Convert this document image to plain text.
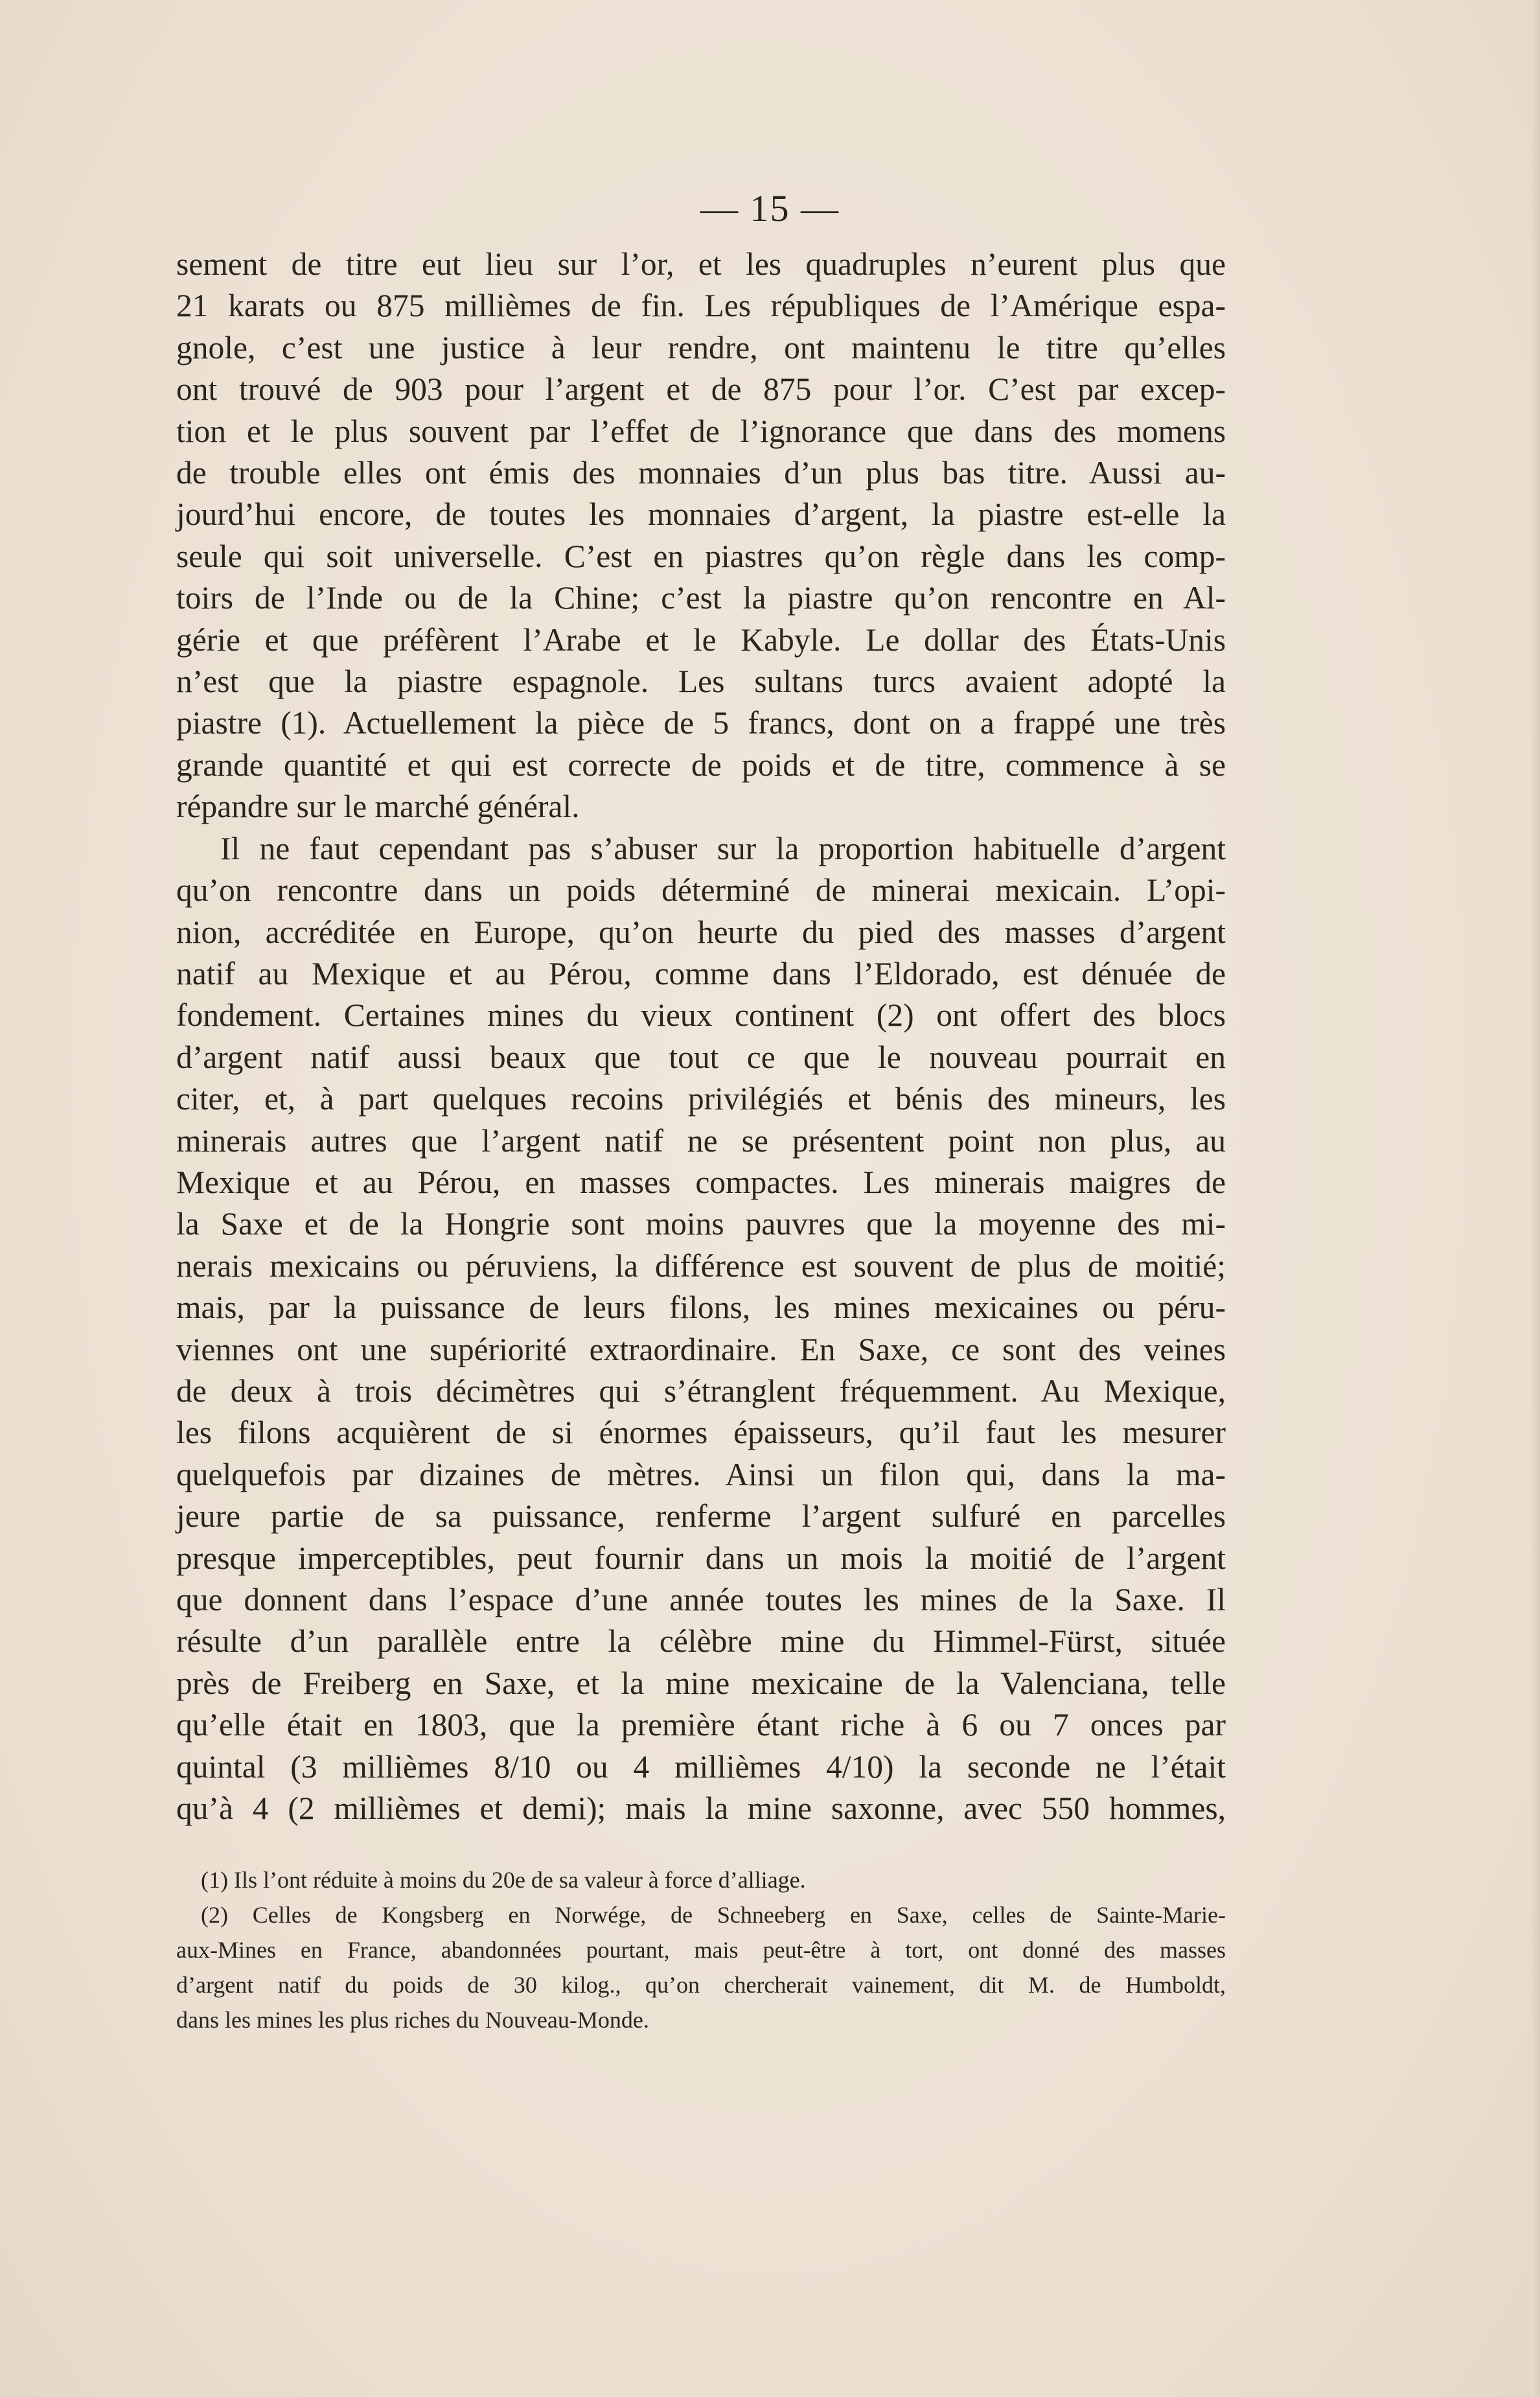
— 15 —
sement de titre eut lieu sur l’or, et les quadruples n’eurent plus que
21 karats ou 875 millièmes de fin. Les républiques de l’Amérique espa-
gnole, c’est une justice à leur rendre, ont maintenu le titre qu’elles
ont trouvé de 903 pour l’argent et de 875 pour l’or. C’est par excep-
tion et le plus souvent par l’effet de l’ignorance que dans des momens
de trouble elles ont émis des monnaies d’un plus bas titre. Aussi au-
jourd’hui encore, de toutes les monnaies d’argent, la piastre est-elle la
seule qui soit universelle. C’est en piastres qu’on règle dans les comp-
toirs de l’Inde ou de la Chine; c’est la piastre qu’on rencontre en Al-
gérie et que préfèrent l’Arabe et le Kabyle. Le dollar des États-Unis
n’est que la piastre espagnole. Les sultans turcs avaient adopté la
piastre (1). Actuellement la pièce de 5 francs, dont on a frappé une très
grande quantité et qui est correcte de poids et de titre, commence à se
répandre sur le marché général.
Il ne faut cependant pas s’abuser sur la proportion habituelle d’argent
qu’on rencontre dans un poids déterminé de minerai mexicain. L’opi-
nion, accréditée en Europe, qu’on heurte du pied des masses d’argent
natif au Mexique et au Pérou, comme dans l’Eldorado, est dénuée de
fondement. Certaines mines du vieux continent (2) ont offert des blocs
d’argent natif aussi beaux que tout ce que le nouveau pourrait en
citer, et, à part quelques recoins privilégiés et bénis des mineurs, les
minerais autres que l’argent natif ne se présentent point non plus, au
Mexique et au Pérou, en masses compactes. Les minerais maigres de
la Saxe et de la Hongrie sont moins pauvres que la moyenne des mi-
nerais mexicains ou péruviens, la différence est souvent de plus de moitié;
mais, par la puissance de leurs filons, les mines mexicaines ou péru-
viennes ont une supériorité extraordinaire. En Saxe, ce sont des veines
de deux à trois décimètres qui s’étranglent fréquemment. Au Mexique,
les filons acquièrent de si énormes épaisseurs, qu’il faut les mesurer
quelquefois par dizaines de mètres. Ainsi un filon qui, dans la ma-
jeure partie de sa puissance, renferme l’argent sulfuré en parcelles
presque imperceptibles, peut fournir dans un mois la moitié de l’argent
que donnent dans l’espace d’une année toutes les mines de la Saxe. Il
résulte d’un parallèle entre la célèbre mine du Himmel-Fürst, située
près de Freiberg en Saxe, et la mine mexicaine de la Valenciana, telle
qu’elle était en 1803, que la première étant riche à 6 ou 7 onces par
quintal (3 millièmes 8/10 ou 4 millièmes 4/10) la seconde ne l’était
qu’à 4 (2 millièmes et demi); mais la mine saxonne, avec 550 hommes,
(1) Ils l’ont réduite à moins du 20e de sa valeur à force d’alliage.
(2) Celles de Kongsberg en Norwége, de Schneeberg en Saxe, celles de Sainte-Marie-
aux-Mines en France, abandonnées pourtant, mais peut-être à tort, ont donné des masses
d’argent natif du poids de 30 kilog., qu’on chercherait vainement, dit M. de Humboldt,
dans les mines les plus riches du Nouveau-Monde.
